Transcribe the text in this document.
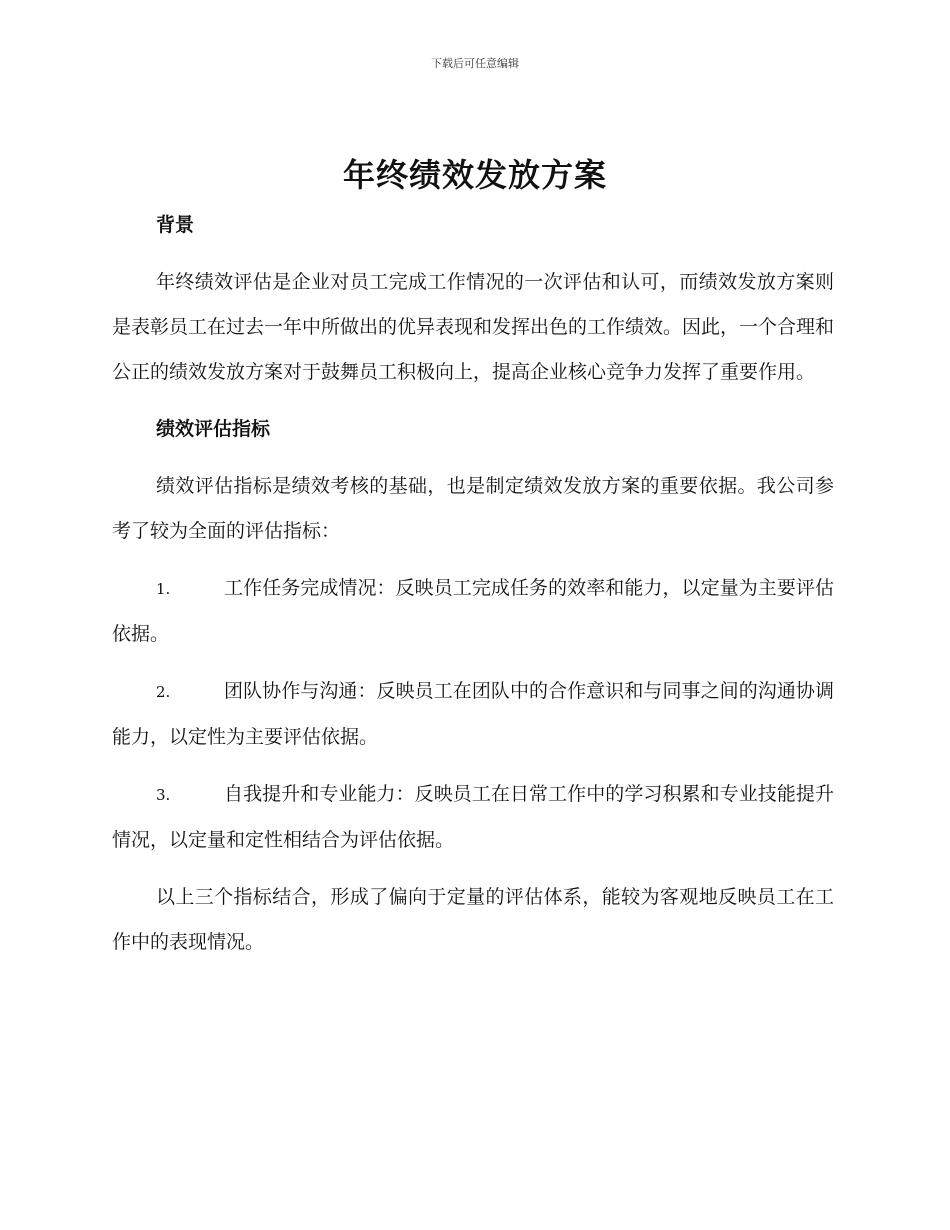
下载后可任意编辑
年终绩效发放方案
背景

年终绩效评估是企业对员工完成工作情况的一次评估和认可，而绩效发放方案则是表彰员工在过去一年中所做出的优异表现和发挥出色的工作绩效。因此，一个合理和公正的绩效发放方案对于鼓舞员工积极向上，提高企业核心竞争力发挥了重要作用。

绩效评估指标

绩效评估指标是绩效考核的基础，也是制定绩效发放方案的重要依据。我公司参考了较为全面的评估指标：

1.	工作任务完成情况：反映员工完成任务的效率和能力，以定量为主要评估依据。

2.	团队协作与沟通：反映员工在团队中的合作意识和与同事之间的沟通协调能力，以定性为主要评估依据。

3.	自我提升和专业能力：反映员工在日常工作中的学习积累和专业技能提升情况，以定量和定性相结合为评估依据。

以上三个指标结合，形成了偏向于定量的评估体系，能较为客观地反映员工在工作中的表现情况。
